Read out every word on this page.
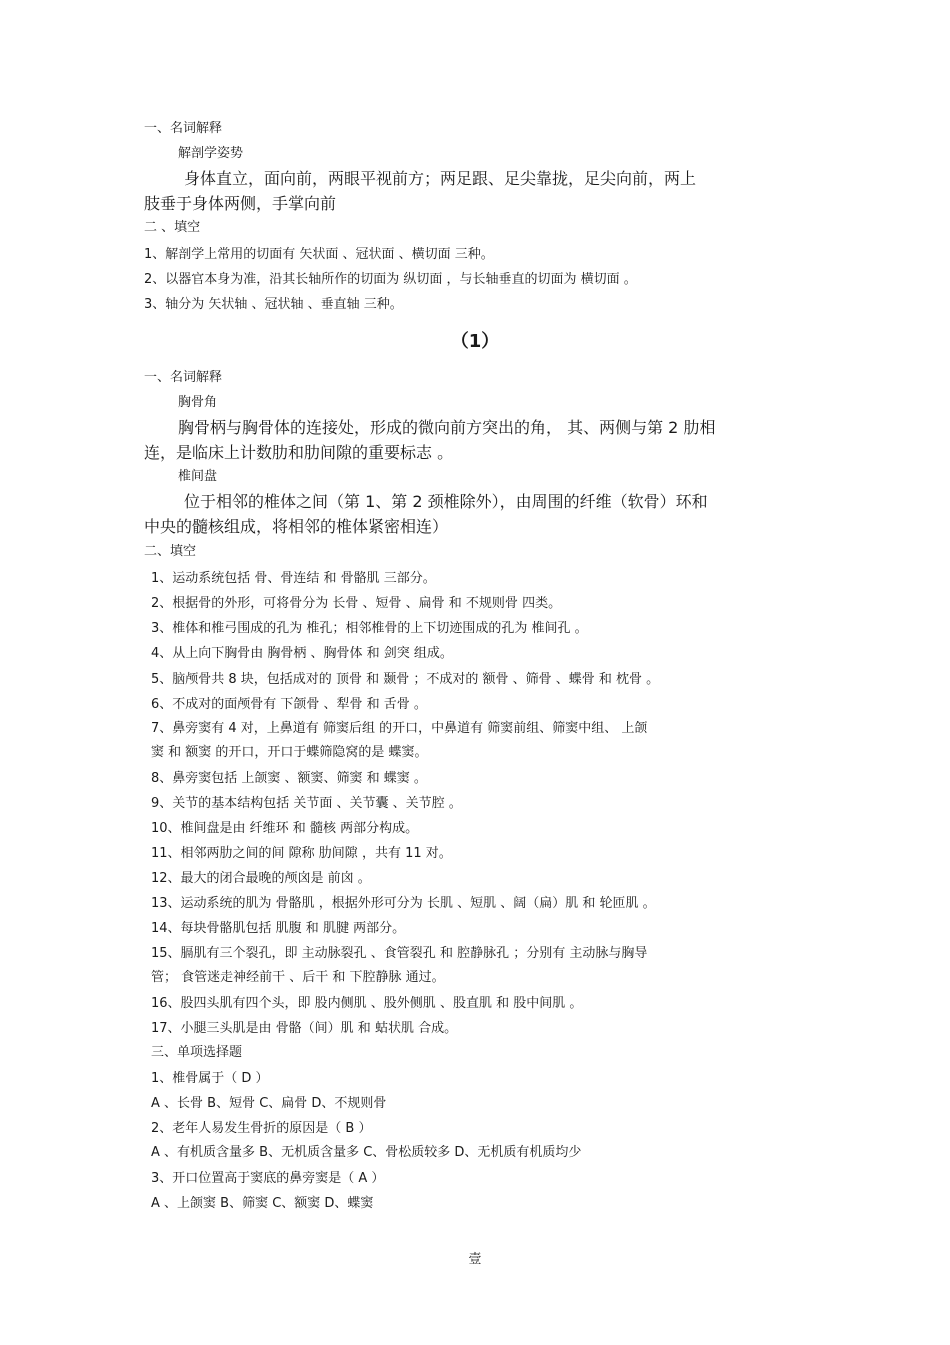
一、名词解释
解剖学姿势
身体直立，面向前，两眼平视前方；两足跟、足尖靠拢，足尖向前，两上
肢垂于身体两侧，手掌向前
二 、填空
1、解剖学上常用的切面有 矢状面 、冠状面 、横切面 三种。
2、以器官本身为准，沿其长轴所作的切面为 纵切面 ，与长轴垂直的切面为 横切面 。
3、轴分为 矢状轴 、冠状轴 、垂直轴 三种。
（1）
一、名词解释
胸骨角
胸骨柄与胸骨体的连接处，形成的微向前方突出的角， 其、两侧与第 2 肋相
连，是临床上计数肋和肋间隙的重要标志 。
椎间盘
位于相邻的椎体之间（第 1、第 2 颈椎除外），由周围的纤维（软骨）环和
中央的髓核组成，将相邻的椎体紧密相连）
二、填空
1、运动系统包括 骨、骨连结 和 骨骼肌 三部分。
2、根据骨的外形，可将骨分为 长骨 、短骨 、扁骨 和 不规则骨 四类。
3、椎体和椎弓围成的孔为 椎孔；相邻椎骨的上下切迹围成的孔为 椎间孔 。
4、从上向下胸骨由 胸骨柄 、胸骨体 和 剑突 组成。
5、脑颅骨共 8 块，包括成对的 顶骨 和 颞骨 ；不成对的 额骨 、筛骨 、蝶骨 和 枕骨 。
6、不成对的面颅骨有 下颌骨 、犁骨 和 舌骨 。
7、鼻旁窦有 4 对，上鼻道有 筛窦后组 的开口，中鼻道有 筛窦前组、筛窦中组、 上颌
窦 和 额窦 的开口，开口于蝶筛隐窝的是 蝶窦。
8、鼻旁窦包括 上颌窦 、额窦、筛窦 和 蝶窦 。
9、关节的基本结构包括 关节面 、关节囊 、关节腔 。
10、椎间盘是由 纤维环 和 髓核 两部分构成。
11、相邻两肋之间的间 隙称 肋间隙 ，共有 11 对。
12、最大的闭合最晚的颅囟是 前囟 。
13、运动系统的肌为 骨骼肌 ，根据外形可分为 长肌 、短肌 、阔（扁）肌 和 轮匝肌 。
14、每块骨骼肌包括 肌腹 和 肌腱 两部分。
15、膈肌有三个裂孔，即 主动脉裂孔 、食管裂孔 和 腔静脉孔 ；分别有 主动脉与胸导
管； 食管迷走神经前干 、后干 和 下腔静脉 通过。
16、股四头肌有四个头，即 股内侧肌 、股外侧肌 、股直肌 和 股中间肌 。
17、小腿三头肌是由 骨骼（间）肌 和 蛄状肌 合成。
三、单项选择题
1、椎骨属于（ D ）
A 、长骨 B、短骨 C、扁骨 D、不规则骨
2、老年人易发生骨折的原因是（ B ）
A 、有机质含量多 B、无机质含量多 C、骨松质较多 D、无机质有机质均少
3、开口位置高于窦底的鼻旁窦是（ A ）
A 、上颌窦 B、筛窦 C、额窦 D、蝶窦
壹
